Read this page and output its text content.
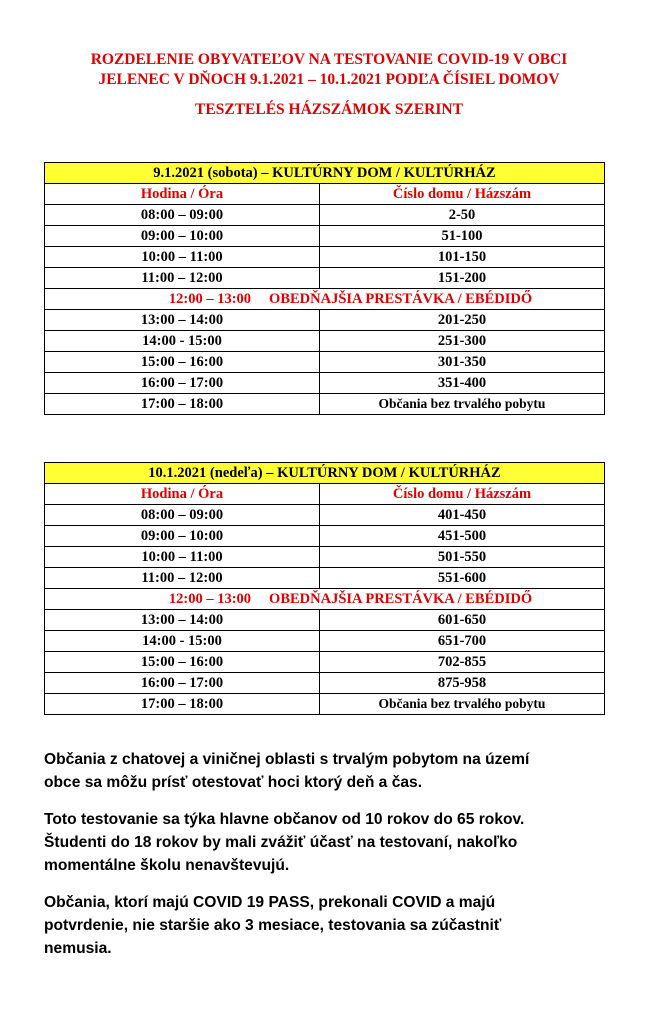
ROZDELENIE OBYVATEĽOV NA TESTOVANIE COVID-19 V OBCI
JELENEC V DŇOCH 9.1.2021 – 10.1.2021 PODĽA ČÍSIEL DOMOV
TESZTELÉS HÁZSZÁMOK SZERINT
9.1.2021 (sobota) – KULTÚRNY DOM / KULTÚRHÁZ	
Hodina / Óra	Číslo domu / Házszám
08:00 – 09:00	2-50
09:00 – 10:00	51-100
10:00 – 11:00	101-150
11:00 – 12:00	151-200
12:00 – 13:00 OBEDŇAJŠIA PRESTÁVKA / EBÉDIDŐ	
13:00 – 14:00	201-250
14:00 - 15:00	251-300
15:00 – 16:00	301-350
16:00 – 17:00	351-400
17:00 – 18:00	Občania bez trvalého pobytu
10.1.2021 (nedeľa) – KULTÚRNY DOM / KULTÚRHÁZ	
Hodina / Óra	Číslo domu / Házszám
08:00 – 09:00	401-450
09:00 – 10:00	451-500
10:00 – 11:00	501-550
11:00 – 12:00	551-600
12:00 – 13:00 OBEDŇAJŠIA PRESTÁVKA / EBÉDIDŐ	
13:00 – 14:00	601-650
14:00 - 15:00	651-700
15:00 – 16:00	702-855
16:00 – 17:00	875-958
17:00 – 18:00	Občania bez trvalého pobytu
Občania z chatovej a viničnej oblasti s trvalým pobytom na území
obce sa môžu prísť otestovať hoci ktorý deň a čas.
Toto testovanie sa týka hlavne občanov od 10 rokov do 65 rokov.
Študenti do 18 rokov by mali zvážiť účasť na testovaní, nakoľko
momentálne školu nenavštevujú.
Občania, ktorí majú COVID 19 PASS, prekonali COVID a majú
potvrdenie, nie staršie ako 3 mesiace, testovania sa zúčastniť
nemusia.
